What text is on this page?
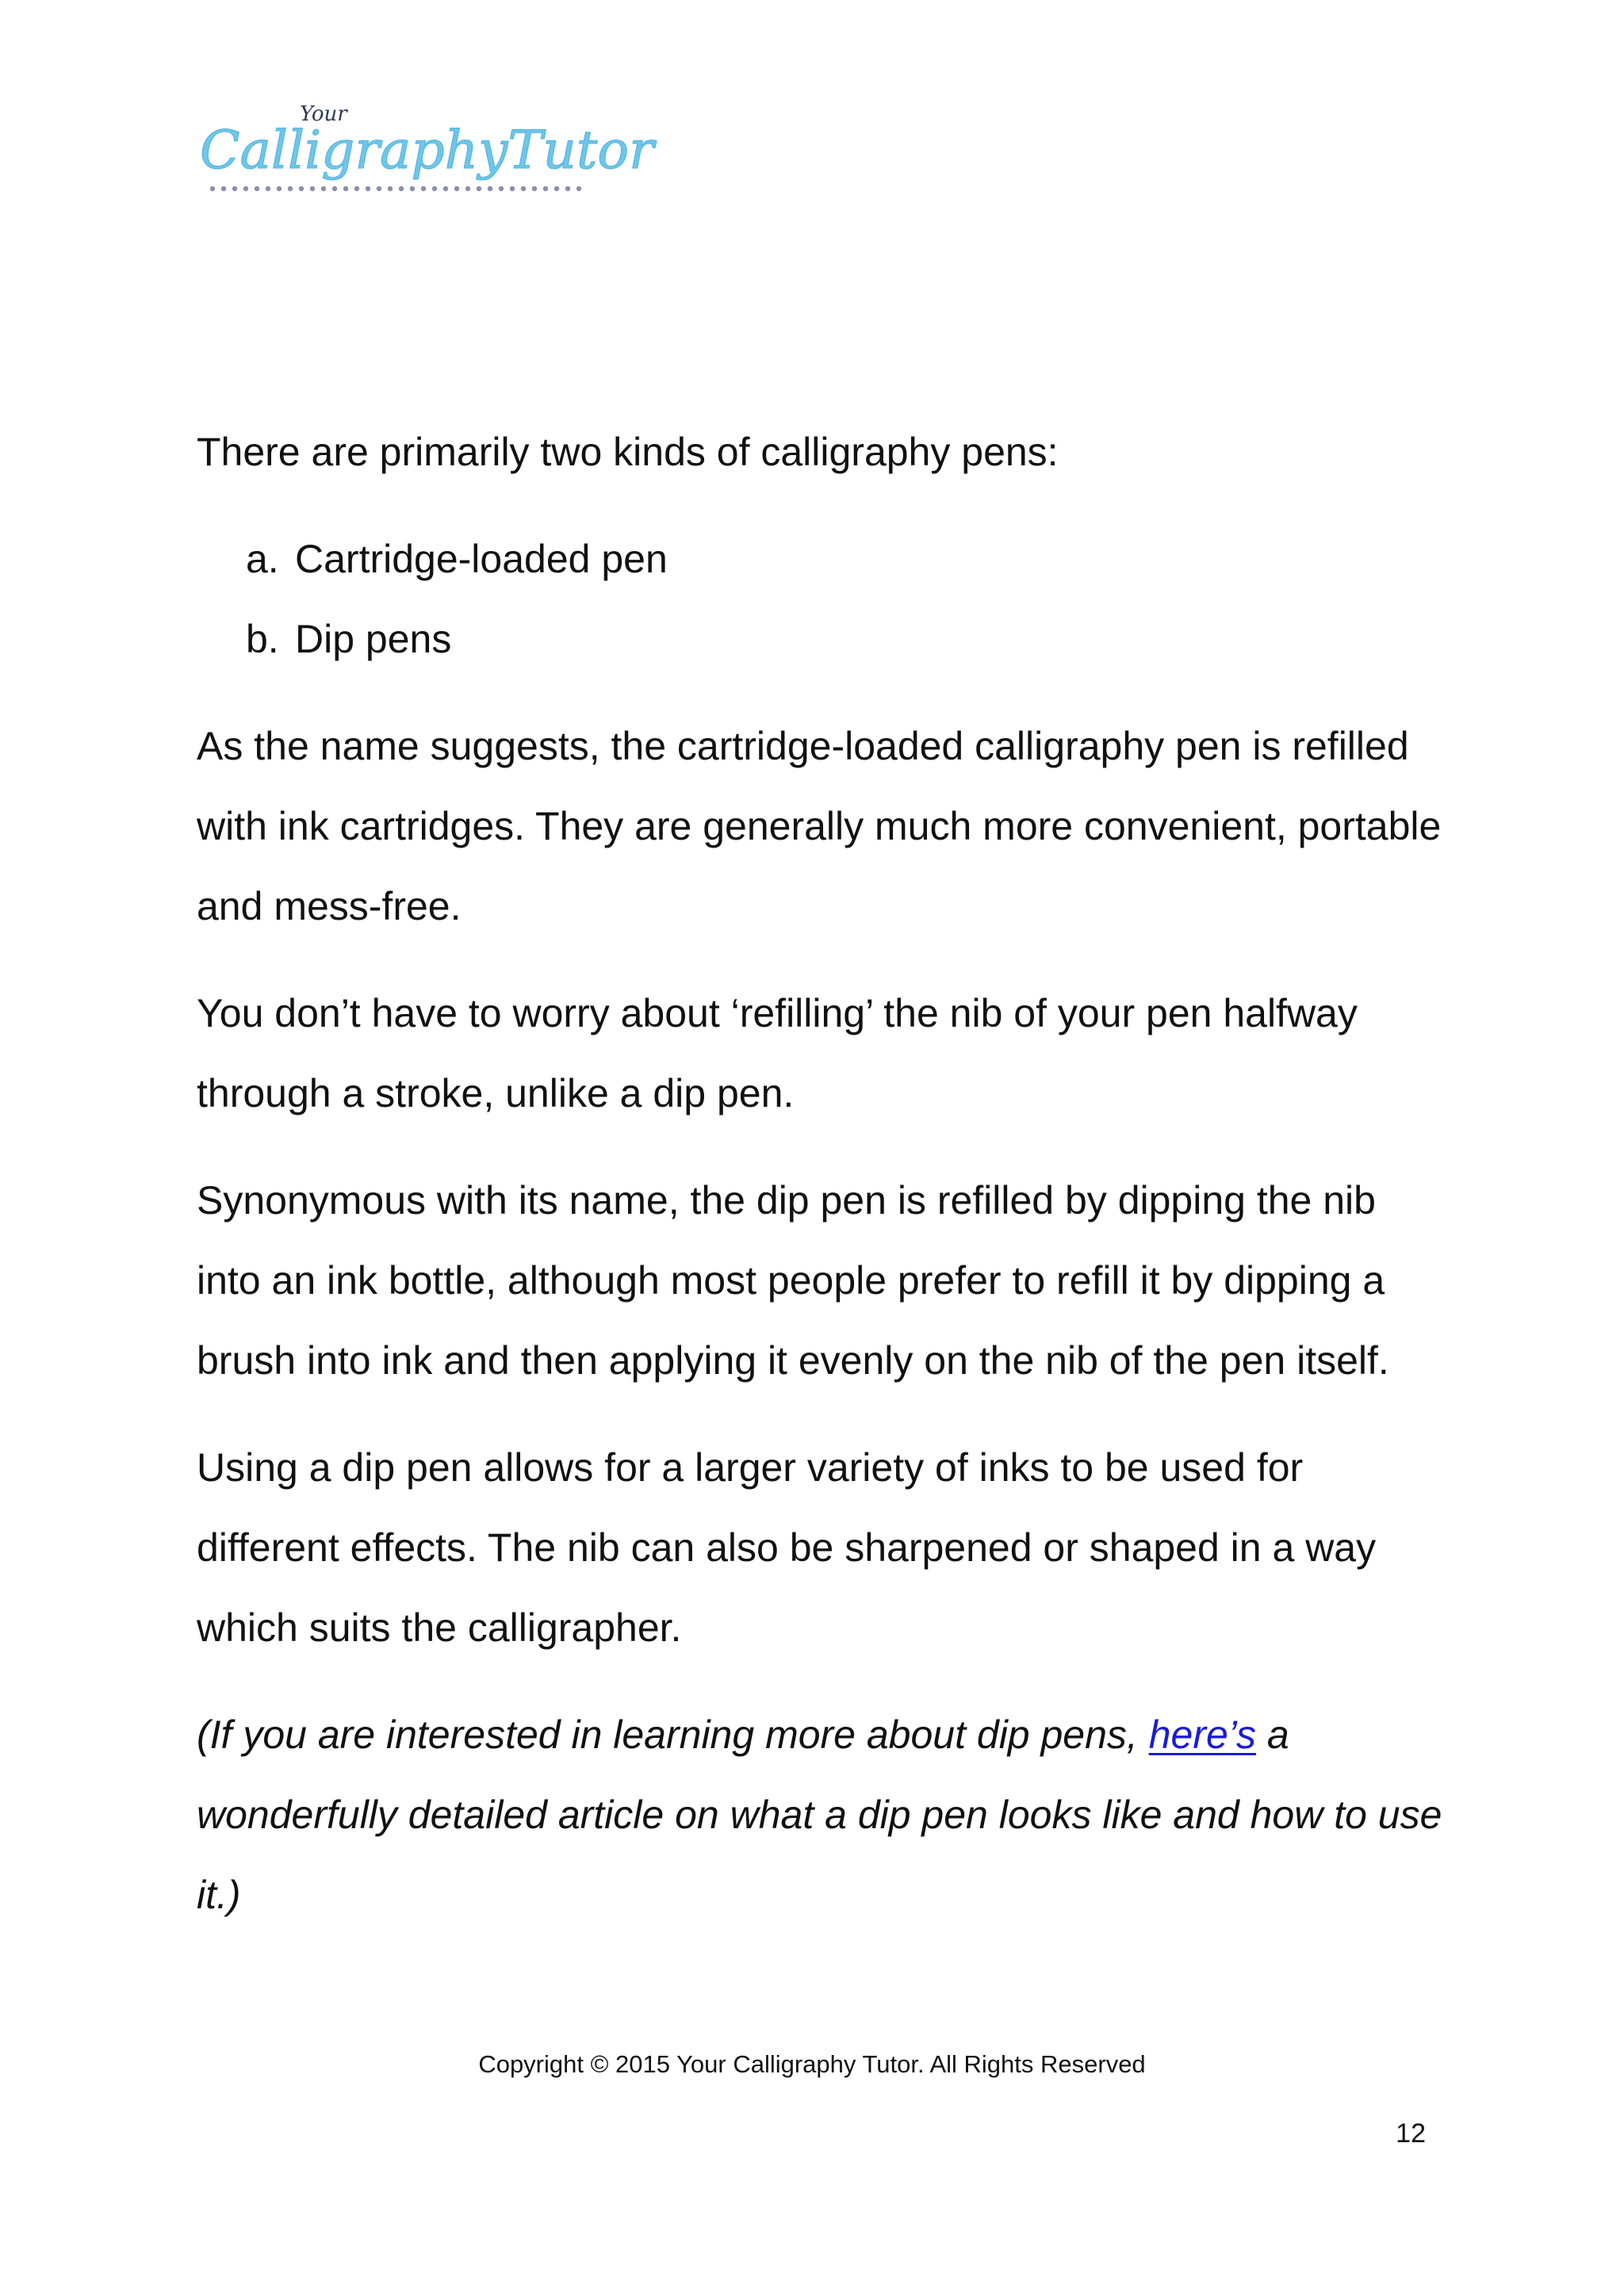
Your
CalligraphyTutor

There are primarily two kinds of calligraphy pens:

a. Cartridge-loaded pen
b. Dip pens

As the name suggests, the cartridge-loaded calligraphy pen is refilled with ink cartridges. They are generally much more convenient, portable and mess-free.

You don’t have to worry about ‘refilling’ the nib of your pen halfway through a stroke, unlike a dip pen.

Synonymous with its name, the dip pen is refilled by dipping the nib into an ink bottle, although most people prefer to refill it by dipping a brush into ink and then applying it evenly on the nib of the pen itself.

Using a dip pen allows for a larger variety of inks to be used for different effects. The nib can also be sharpened or shaped in a way which suits the calligrapher.

(If you are interested in learning more about dip pens, here’s a wonderfully detailed article on what a dip pen looks like and how to use it.)

Copyright © 2015 Your Calligraphy Tutor. All Rights Reserved
12
